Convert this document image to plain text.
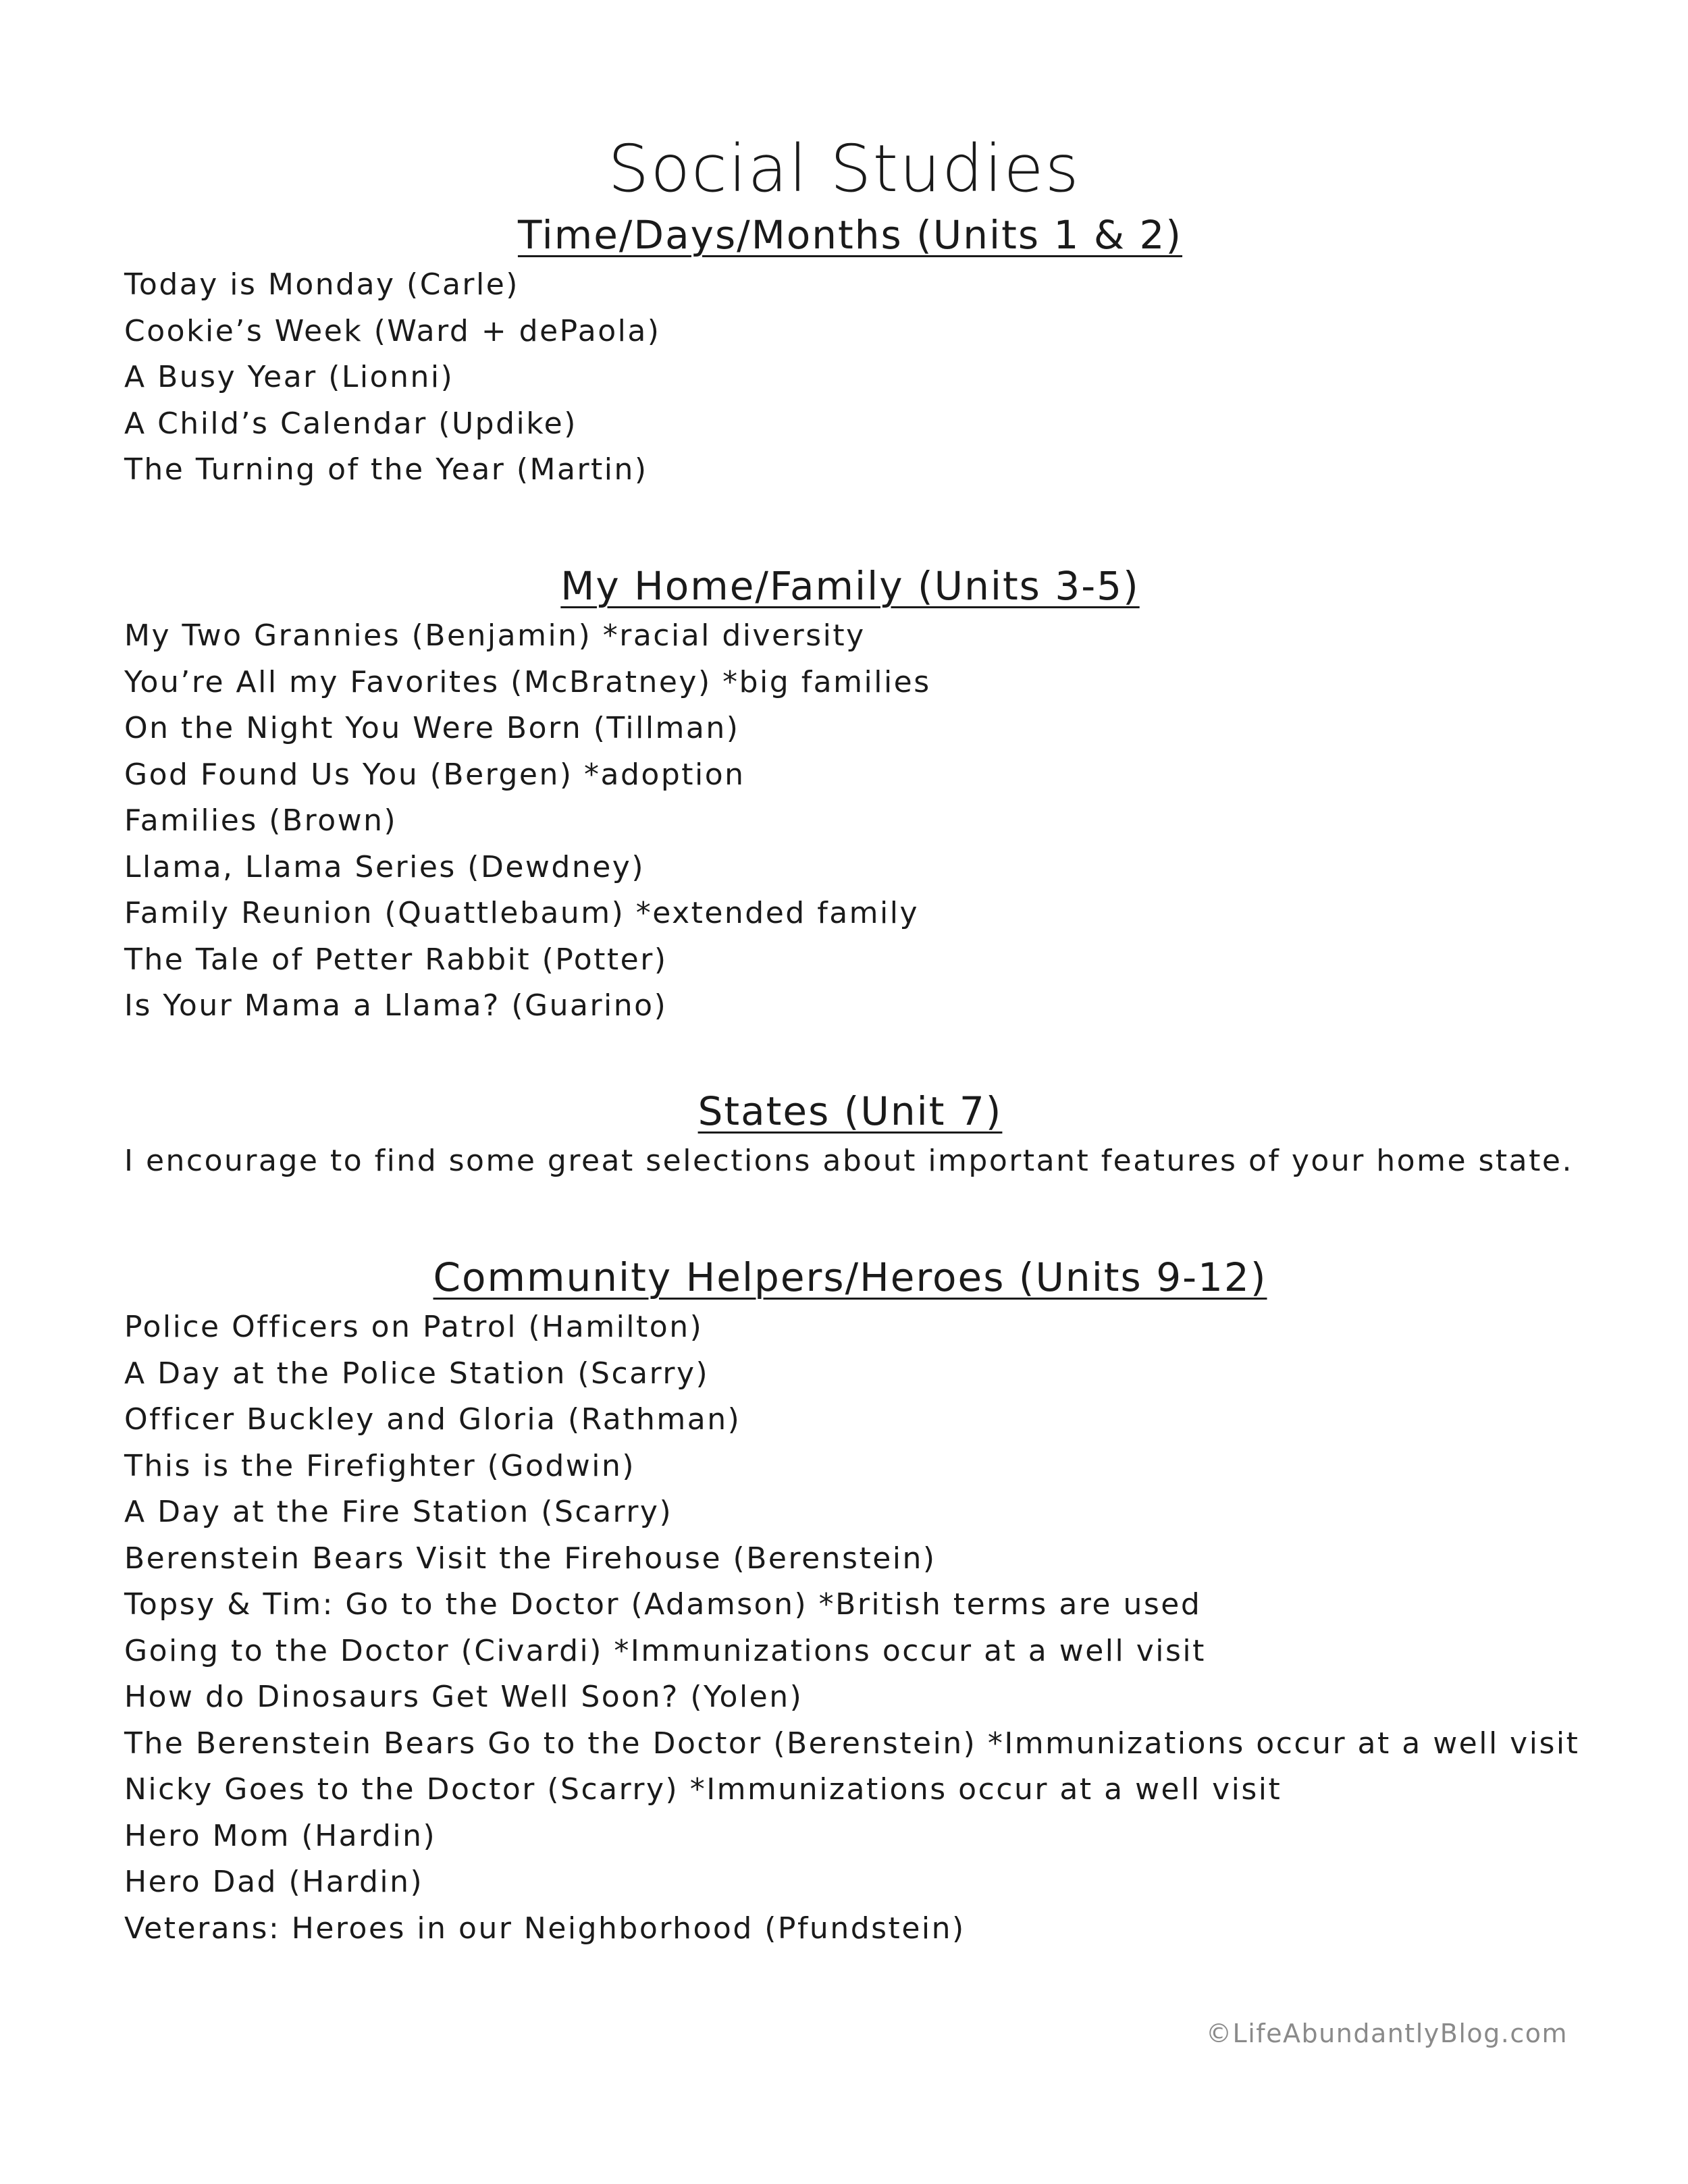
Social Studies
Time/Days/Months (Units 1 & 2)
Today is Monday (Carle)
Cookie’s Week (Ward + dePaola)
A Busy Year (Lionni)
A Child’s Calendar (Updike)
The Turning of the Year (Martin)
My Home/Family (Units 3-5)
My Two Grannies (Benjamin) *racial diversity
You’re All my Favorites (McBratney) *big families
On the Night You Were Born (Tillman)
God Found Us You (Bergen) *adoption
Families (Brown)
Llama, Llama Series (Dewdney)
Family Reunion (Quattlebaum) *extended family
The Tale of Petter Rabbit (Potter)
Is Your Mama a Llama? (Guarino)
States (Unit 7)

I encourage to find some great selections about important features of your home state.

Community Helpers/Heroes (Units 9-12)
Police Officers on Patrol (Hamilton)
A Day at the Police Station (Scarry)
Officer Buckley and Gloria (Rathman)
This is the Firefighter (Godwin)
A Day at the Fire Station (Scarry)
Berenstein Bears Visit the Firehouse (Berenstein)
Topsy & Tim: Go to the Doctor (Adamson) *British terms are used
Going to the Doctor (Civardi) *Immunizations occur at a well visit
How do Dinosaurs Get Well Soon? (Yolen)
The Berenstein Bears Go to the Doctor (Berenstein) *Immunizations occur at a well visit
Nicky Goes to the Doctor (Scarry) *Immunizations occur at a well visit
Hero Mom (Hardin)
Hero Dad (Hardin)
Veterans: Heroes in our Neighborhood (Pfundstein)
©LifeAbundantlyBlog.com
